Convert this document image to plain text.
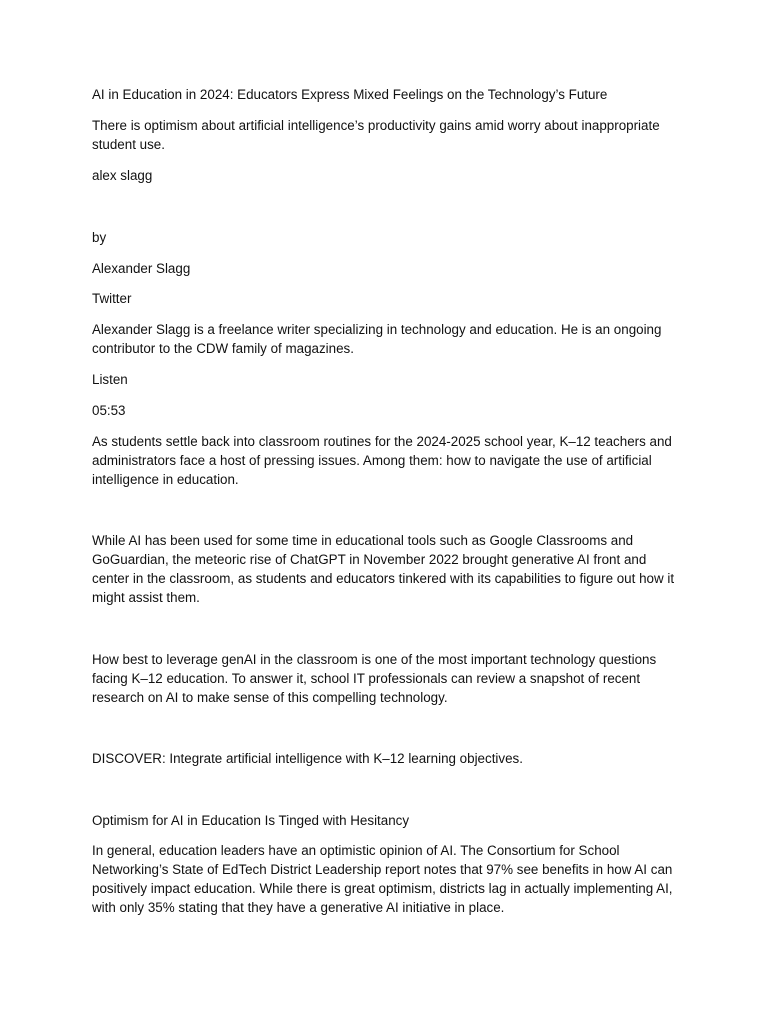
AI in Education in 2024: Educators Express Mixed Feelings on the Technology’s Future

There is optimism about artificial intelligence’s productivity gains amid worry about inappropriate student use.

alex slagg

by

Alexander Slagg

Twitter

Alexander Slagg is a freelance writer specializing in technology and education. He is an ongoing contributor to the CDW family of magazines.

Listen

05:53

As students settle back into classroom routines for the 2024-2025 school year, K–12 teachers and administrators face a host of pressing issues. Among them: how to navigate the use of artificial intelligence in education.

While AI has been used for some time in educational tools such as Google Classrooms and GoGuardian, the meteoric rise of ChatGPT in November 2022 brought generative AI front and center in the classroom, as students and educators tinkered with its capabilities to figure out how it might assist them.

How best to leverage genAI in the classroom is one of the most important technology questions facing K–12 education. To answer it, school IT professionals can review a snapshot of recent research on AI to make sense of this compelling technology.

DISCOVER: Integrate artificial intelligence with K–12 learning objectives.

Optimism for AI in Education Is Tinged with Hesitancy

In general, education leaders have an optimistic opinion of AI. The Consortium for School Networking’s State of EdTech District Leadership report notes that 97% see benefits in how AI can positively impact education. While there is great optimism, districts lag in actually implementing AI, with only 35% stating that they have a generative AI initiative in place.
